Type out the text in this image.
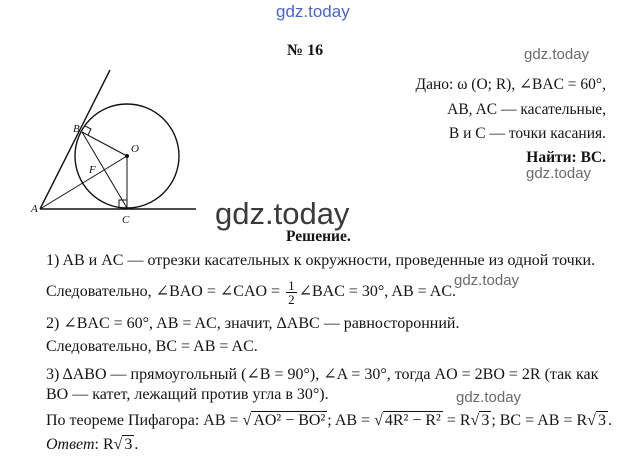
gdz.today
gdz.today
gdz.today
gdz.today
gdz.today
gdz.today
№ 16
Дано: ω (O; R), ∠BAC = 60°,
AB, AC — касательные,
B и C — точки касания.
Найти: BC.
A
B
C
O
F
Решение.
1) AB и AC — отрезки касательных к окружности, проведенные из одной точки.
Следовательно, ∠BAO = ∠CAO = $\frac{1}{2}$ ∠BAC = 30°, AB = AC.
2) ∠BAC = 60°, AB = AC, значит, ΔABC — равносторонний.
Следовательно, BC = AB = AC.
3) ΔABO — прямоугольный (∠B = 90°), ∠A = 30°, тогда AO = 2BO = 2R (так как
BO — катет, лежащий против угла в 30°).
По теореме Пифагора: AB = √ AO² − BO² ; AB = √ 4R² − R² = R√ 3 ; BC = AB = R√ 3 .
Ответ: R√ 3 .
